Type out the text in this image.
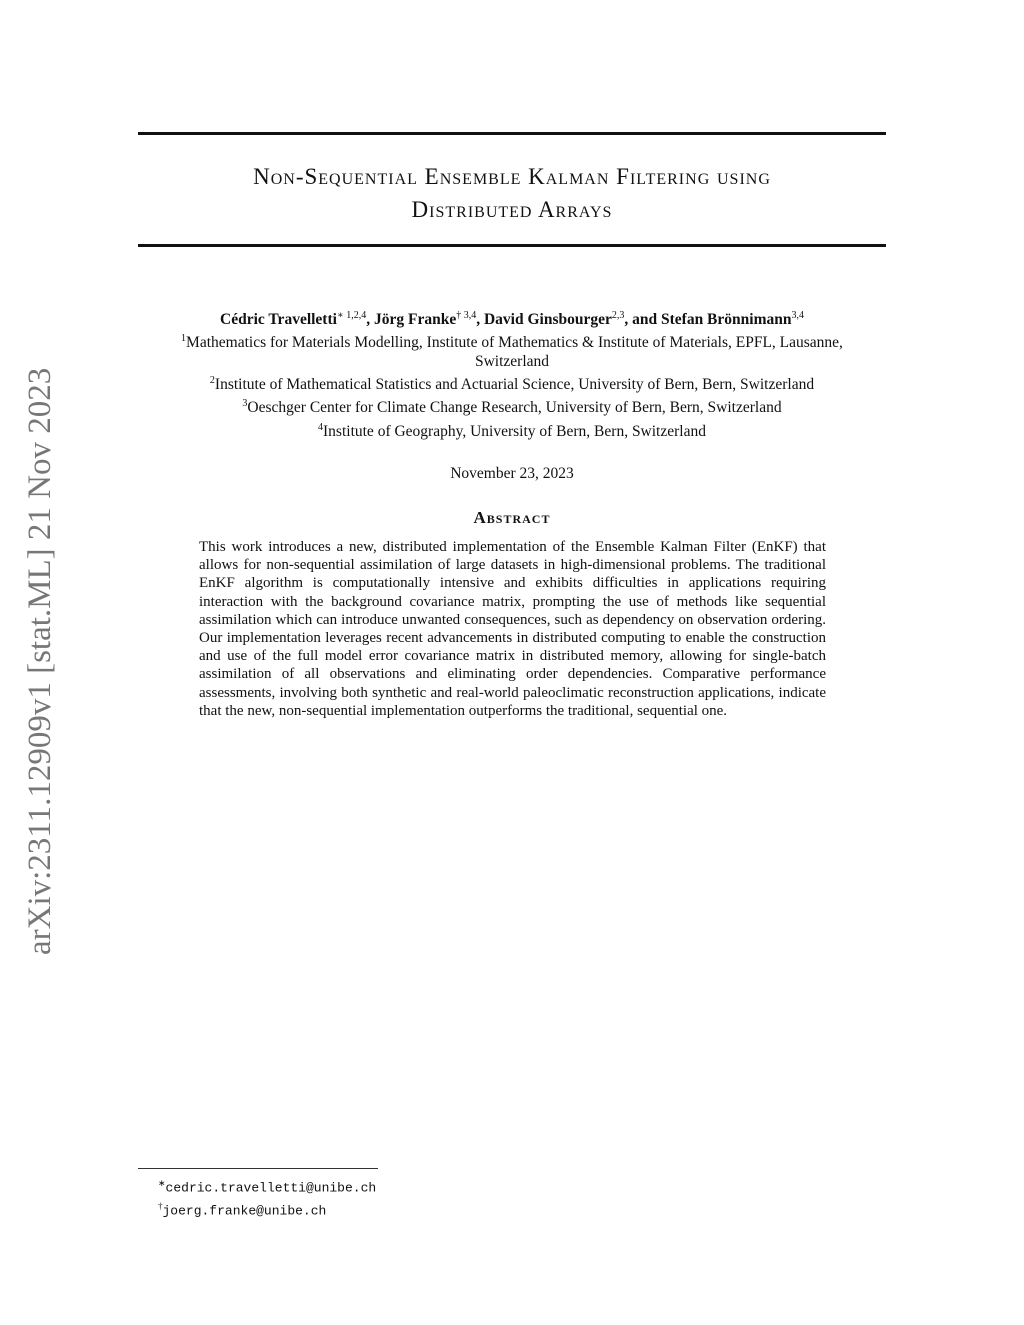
arXiv:2311.12909v1 [stat.ML] 21 Nov 2023
Non-Sequential Ensemble Kalman Filtering using
Distributed Arrays
Cédric Travelletti$^{∗ 1,2,4}$, Jörg Franke$^{\dagger 3,4}$, David Ginsbourger$^{2,3}$, and Stefan Brönnimann$^{3,4}$
$^1$Mathematics for Materials Modelling, Institute of Mathematics & Institute of Materials, EPFL, Lausanne,
Switzerland
$^2$Institute of Mathematical Statistics and Actuarial Science, University of Bern, Bern, Switzerland
$^3$Oeschger Center for Climate Change Research, University of Bern, Bern, Switzerland
$^4$Institute of Geography, University of Bern, Bern, Switzerland
November 23, 2023
Abstract
This work introduces a new, distributed implementation of the Ensemble Kalman Filter (EnKF) that allows for non-sequential assimilation of large datasets in high-dimensional problems. The traditional EnKF algorithm is computationally intensive and exhibits difficulties in applications requiring interaction with the background covariance matrix, prompting the use of methods like sequential assimilation which can introduce unwanted consequences, such as dependency on observation ordering. Our implementation leverages recent advancements in distributed computing to enable the construction and use of the full model error covariance matrix in distributed memory, allowing for single-batch assimilation of all observations and eliminating order dependencies. Comparative performance assessments, involving both synthetic and real-world paleoclimatic reconstruction applications, indicate that the new, non-sequential implementation outperforms the traditional, sequential one.
∗cedric.travelletti@unibe.ch
†joerg.franke@unibe.ch
